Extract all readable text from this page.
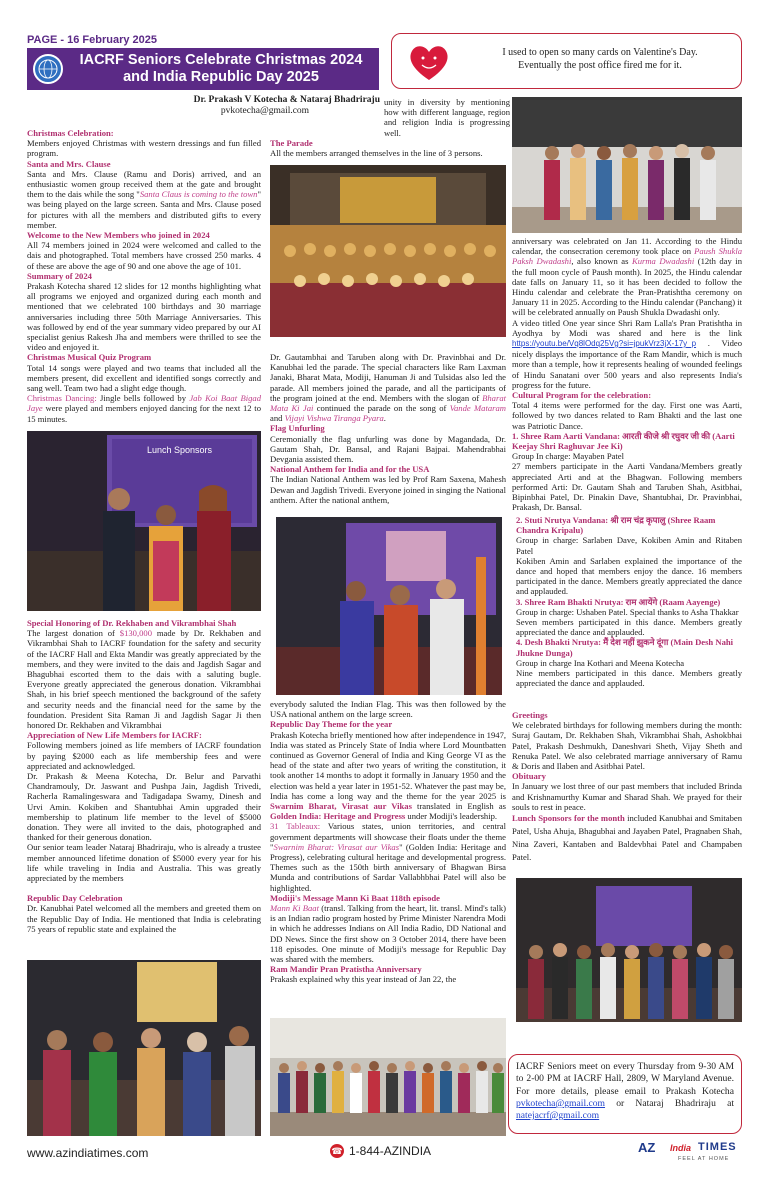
PAGE - 16 February 2025
IACRF Seniors Celebrate Christmas 2024
and India Republic Day 2025
Dr. Prakash V Kotecha & Nataraj Bhadriraju
pvkotecha@gmail.com
I used to open so many cards on Valentine's Day.
Eventually the post office fired me for it.

Christmas Celebration:

Members enjoyed Christmas with western dressings and fun filled program.

Santa and Mrs. Clause

Santa and Mrs. Clause (Ramu and Doris) arrived, and an enthusiastic women group received them at the gate and brought them to the dais while the song "Santa Claus is coming to the town" was being played on the large screen. Santa and Mrs. Clause posed for pictures with all the members and distributed gifts to every member.

Welcome to the New Members who joined in 2024

All 74 members joined in 2024 were welcomed and called to the dais and photographed. Total members have crossed 250 marks. 4 of these are above the age of 90 and one above the age of 101.

Summary of 2024

Prakash Kotecha shared 12 slides for 12 months highlighting what all programs we enjoyed and organized during each month and mentioned that we celebrated 100 birthdays and 30 marriage anniversaries including three 50th Marriage Anniversaries. This was followed by end of the year summary video prepared by our AI specialist genius Rakesh Jha and members were thrilled to see the video and enjoyed it.

Christmas Musical Quiz Program

Total 14 songs were played and two teams that included all the members present, did excellent and identified songs correctly and sang well. Team two had a slight edge though.

Christmas Dancing: Jingle bells followed by Jab Koi Baat Bigad Jaye were played and members enjoyed dancing for the next 12 to 15 minutes.

Lunch Sponsors

Special Honoring of Dr. Rekhaben and Vikrambhai Shah

The largest donation of $130,000 made by Dr. Rekhaben and Vikrambhai Shah to IACRF foundation for the safety and security of the IACRF Hall and Ekta Mandir was greatly appreciated by the members, and they were invited to the dais and Jagdish Sagar and Bhagubhai escorted them to the dais with a saluting bugle. Everyone greatly appreciated the generous donation. Vikrambhai Shah, in his brief speech mentioned the background of the safety and security needs and the financial need for the same by the foundation. President Sita Raman Ji and Jagdish Sagar Ji then honored Dr. Rekhaben and Vikrambhai

Appreciation of New Life Members for IACRF:

Following members joined as life members of IACRF foundation by paying $2000 each as life membership fees and were appreciated and acknowledged.

Dr. Prakash & Meena Kotecha, Dr. Belur and Parvathi Chandramouly, Dr. Jaswant and Pushpa Jain, Jagdish Trivedi, Racherla Ramalingeswara and Tadigadapa Swamy, Dinesh and Urvi Amin. Kokiben and Shantubhai Amin upgraded their membership to platinum life member to the level of $5000 donation. They were all invited to the dais, photographed and thanked for their generous donation.

Our senior team leader Nataraj Bhadriraju, who is already a trustee member announced lifetime donation of $5000 every year for his life while traveling in India and Australia. This was greatly appreciated by the members

Republic Day Celebration

Dr. Kanubhai Patel welcomed all the members and greeted them on the Republic Day of India. He mentioned that India is celebrating 75 years of republic state and explained the

unity in diversity by mentioning how with different language, region and religion India is progressing well.

The Parade

All the members arranged themselves in the line of 3 persons.

Dr. Gautambhai and Taruben along with Dr. Pravinbhai and Dr. Kanubhai led the parade. The special characters like Ram Laxman Janaki, Bharat Mata, Modiji, Hanuman Ji and Tulsidas also led the parade. All members joined the parade, and all the participants of the program joined at the end. Members with the slogan of Bharat Mata Ki Jai continued the parade on the song of Vande Mataram and Vijayi Vishwa Tiranga Pyara.

Flag Unfurling

Ceremonially the flag unfurling was done by Magandada, Dr. Gautam Shah, Dr. Bansal, and Rajani Bajpai. Mahendrabhai Devgania assisted them.

National Anthem for India and for the USA

The Indian National Anthem was led by Prof Ram Saxena, Mahesh Dewan and Jagdish Trivedi. Everyone joined in singing the National anthem. After the national anthem,

everybody saluted the Indian Flag. This was then followed by the USA national anthem on the large screen.

Republic Day Theme for the year

Prakash Kotecha briefly mentioned how after independence in 1947, India was stated as Princely State of India where Lord Mountbatten continued as Governor General of India and King George VI as the head of the state and after two years of writing the constitution, it took another 14 months to adopt it formally in January 1950 and the election was held a year later in 1951-52. Whatever the past may be, India has come a long way and the theme for the year 2025 is Swarnim Bharat, Virasat aur Vikas translated in English as Golden India: Heritage and Progress under Modiji's leadership.

31 Tableaux: Various states, union territories, and central government departments will showcase their floats under the theme "Swarnim Bharat: Virasat aur Vikas" (Golden India: Heritage and Progress), celebrating cultural heritage and developmental progress. Themes such as the 150th birth anniversary of Bhagwan Birsa Munda and contributions of Sardar Vallabhbhai Patel will also be highlighted.

Modiji's Message Mann Ki Baat 118th episode

Mann Ki Baat (transl. Talking from the heart, lit. transl. Mind's talk) is an Indian radio program hosted by Prime Minister Narendra Modi in which he addresses Indians on All India Radio, DD National and DD News. Since the first show on 3 October 2014, there have been 118 episodes. One minute of Modiji's message for Republic Day was shared with the members.

Ram Mandir Pran Pratistha Anniversary

Prakash explained why this year instead of Jan 22, the

anniversary was celebrated on Jan 11. According to the Hindu calendar, the consecration ceremony took place on Paush Shukla Paksh Dwadashi, also known as Kurma Dwadashi (12th day in the full moon cycle of Paush month). In 2025, the Hindu calendar date falls on January 11, so it has been decided to follow the Hindu calendar and celebrate the Pran-Pratishtha ceremony on January 11 in 2025. According to the Hindu calendar (Panchang) it will be celebrated annually on Paush Shukla Dwadashi only.

A video titled One year since Shri Ram Lalla's Pran Pratishtha in Ayodhya by Modi was shared and here is the link https://youtu.be/Vq8lOdq25Vg?si=jpukVrz3jX-17y_p . Video nicely displays the importance of the Ram Mandir, which is much more than a temple, how it represents healing of wounded feelings of Hindu Sanatani over 500 years and also represents India's progress for the future.

Cultural Program for the celebration:

Total 4 items were performed for the day. First one was Aarti, followed by two dances related to Ram Bhakti and the last one was Patriotic Dance.

1. Shree Ram Aarti Vandana: आरती कीजे श्री रघुवर जी की (Aarti Keejay Shri Raghuvar Jee Ki)

Group In charge: Mayaben Patel

27 members participate in the Aarti Vandana/Members greatly appreciated Arti and at the Bhagwan. Following members performed Arti: Dr. Gautam Shah and Taruben Shah, Asitbhai, Bipinbhai Patel, Dr. Pinakin Dave, Shantubhai, Dr. Pravinbhai, Prakash, Dr. Bansal.

2. Stuti Nrutya Vandana: श्री राम चंद्र कृपालु (Shree Raam Chandra Kripalu)

Group in charge: Sarlaben Dave, Kokiben Amin and Ritaben Patel

Kokiben Amin and Sarlaben explained the importance of the dance and hoped that members enjoy the dance. 16 members participated in the dance. Members greatly appreciated the dance and applauded.

3. Shree Ram Bhakti Nrutya: राम आयेंगे (Raam Aayenge)

Group in charge: Ushaben Patel. Special thanks to Asha Thakkar

Seven members participated in this dance. Members greatly appreciated the dance and applauded.

4. Desh Bhakti Nrutya: मैं देश नहीं झुकने दूंगा (Main Desh Nahi Jhukne Dunga)

Group in charge Ina Kothari and Meena Kotecha

Nine members participated in this dance. Members greatly appreciated the dance and applauded.

Greetings

We celebrated birthdays for following members during the month: Suraj Gautam, Dr. Rekhaben Shah, Vikrambhai Shah, Ashokbhai Patel, Prakash Deshmukh, Daneshvari Sheth, Vijay Sheth and Renuka Patel. We also celebrated marriage anniversary of Ramu & Doris and Ilaben and Asitbhai Patel.

Obituary

In January we lost three of our past members that included Brinda and Krishnamurthy Kumar and Sharad Shah. We prayed for their souls to rest in peace.

Lunch Sponsors for the month included Kanubhai and Smitaben Patel, Usha Ahuja, Bhagubhai and Jayaben Patel, Pragnaben Shah, Nina Zaveri, Kantaben and Baldevbhai Patel and Champaben Patel.

IACRF Seniors meet on every Thursday from 9-30 AM to 2-00 PM at IACRF Hall, 2809, W Maryland Avenue. For more details, please email to Prakash Kotecha pvkotecha@gmail.com or Nataraj Bhadriraju at natejacrf@gmail.com
www.azindiatimes.com	☎ 1-844-AZINDIA	AZ India TIMES
FEEL AT HOME
